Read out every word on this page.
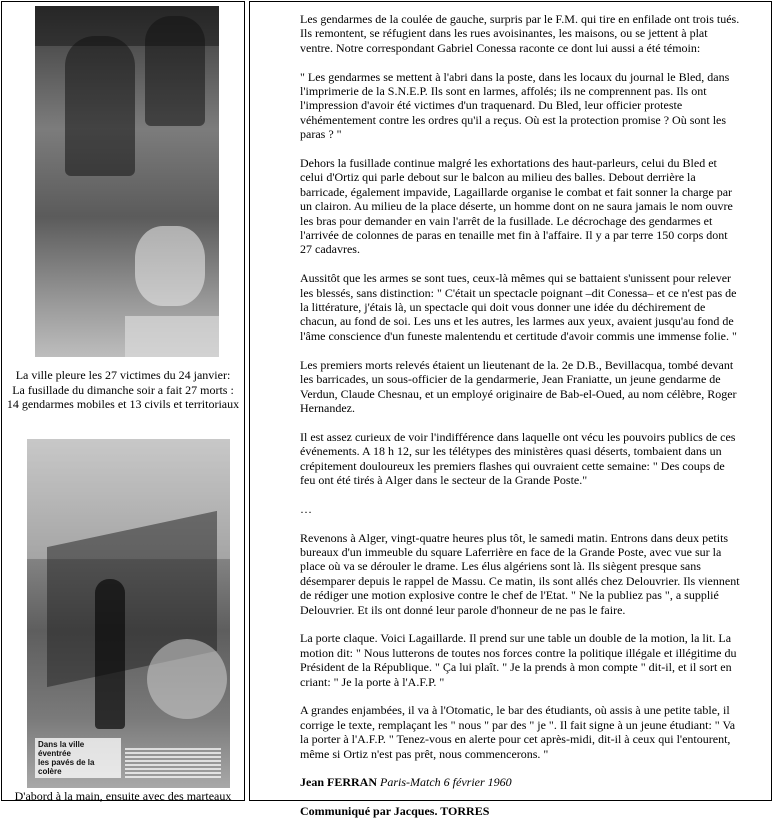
La ville pleure les 27 victimes du 24 janvier:
La fusillade du dimanche soir a fait 27 morts :
14 gendarmes mobiles et 13 civils et territoriaux
Dans la ville éventrée
les pavés de la colère
D'abord à la main, ensuite avec des marteaux

Les gendarmes de la coulée de gauche, surpris par le F.M. qui tire en enfilade ont trois tués. Ils remontent, se réfugient dans les rues avoisinantes, les maisons, ou se jettent à plat ventre. Notre correspondant Gabriel Conessa raconte ce dont lui aussi a été témoin:

" Les gendarmes se mettent à l'abri dans la poste, dans les locaux du journal le Bled, dans l'imprimerie de la S.N.E.P. Ils sont en larmes, affolés; ils ne comprennent pas. Ils ont l'impression d'avoir été victimes d'un traquenard. Du Bled, leur officier proteste véhémentement contre les ordres qu'il a reçus. Où est la protection promise ? Où sont les paras ? "

Dehors la fusillade continue malgré les exhortations des haut-parleurs, celui du Bled et celui d'Ortiz qui parle debout sur le balcon au milieu des balles. Debout derrière la barricade, également impavide, Lagaillarde organise le combat et fait sonner la charge par un clairon. Au milieu de la place déserte, un homme dont on ne saura jamais le nom ouvre les bras pour demander en vain l'arrêt de la fusillade. Le décrochage des gendarmes et l'arrivée de colonnes de paras en tenaille met fin à l'affaire. Il y a par terre 150 corps dont 27 cadavres.

Aussitôt que les armes se sont tues, ceux-là mêmes qui se battaient s'unissent pour relever les blessés, sans distinction: " C'était un spectacle poignant –dit Conessa– et ce n'est pas de la littérature, j'étais là, un spectacle qui doit vous donner une idée du déchirement de chacun, au fond de soi. Les uns et les autres, les larmes aux yeux, avaient jusqu'au fond de l'âme conscience d'un funeste malentendu et certitude d'avoir commis une immense folie. "

Les premiers morts relevés étaient un lieutenant de la. 2e D.B., Bevillacqua, tombé devant les barricades, un sous-officier de la gendarmerie, Jean Franiatte, un jeune gendarme de Verdun, Claude Chesnau, et un employé originaire de Bab-el-Oued, au nom célèbre, Roger Hernandez.

Il est assez curieux de voir l'indifférence dans laquelle ont vécu les pouvoirs publics de ces événements. A 18 h 12, sur les télétypes des ministères quasi déserts, tombaient dans un crépitement douloureux les premiers flashes qui ouvraient cette semaine: " Des coups de feu ont été tirés à Alger dans le secteur de la Grande Poste."

…

Revenons à Alger, vingt-quatre heures plus tôt, le samedi matin. Entrons dans deux petits bureaux d'un immeuble du square Laferrière en face de la Grande Poste, avec vue sur la place où va se dérouler le drame. Les élus algériens sont là. Ils siègent presque sans désemparer depuis le rappel de Massu. Ce matin, ils sont allés chez Delouvrier. Ils viennent de rédiger une motion explosive contre le chef de l'Etat. " Ne la publiez pas ", a supplié Delouvrier. Et ils ont donné leur parole d'honneur de ne pas le faire.

La porte claque. Voici Lagaillarde. Il prend sur une table un double de la motion, la lit. La motion dit: " Nous lutterons de toutes nos forces contre la politique illégale et illégitime du Président de la République. " Ça lui plaît. " Je la prends à mon compte " dit-il, et il sort en criant: " Je la porte à l'A.F.P. "

A grandes enjambées, il va à l'Otomatic, le bar des étudiants, où assis à une petite table, il corrige le texte, remplaçant les " nous " par des " je ". Il fait signe à un jeune étudiant: " Va la porter à l'A.F.P. " Tenez-vous en alerte pour cet après-midi, dit-il à ceux qui l'entourent, même si Ortiz n'est pas prêt, nous commencerons. "

Jean FERRAN Paris-Match 6 février 1960

Communiqué par Jacques. TORRES
